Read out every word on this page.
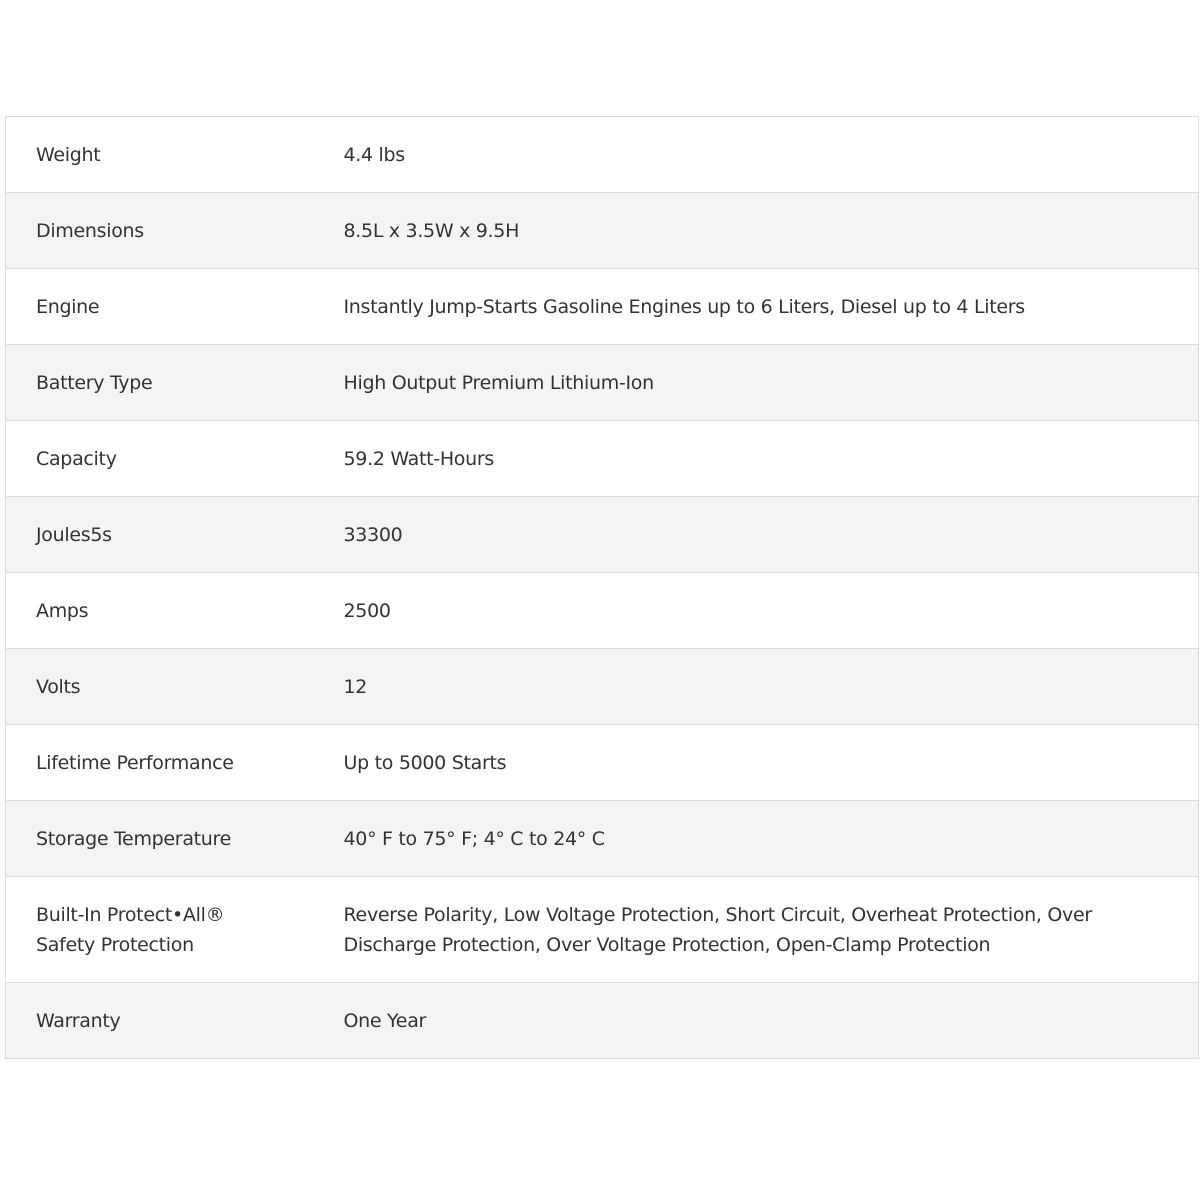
Weight	4.4 lbs
Dimensions	8.5L x 3.5W x 9.5H
Engine	Instantly Jump-Starts Gasoline Engines up to 6 Liters, Diesel up to 4 Liters
Battery Type	High Output Premium Lithium-Ion
Capacity	59.2 Watt-Hours
Joules5s	33300
Amps	2500
Volts	12
Lifetime Performance	Up to 5000 Starts
Storage Temperature	40° F to 75° F; 4° C to 24° C
Built-In Protect•All®
Safety Protection	Reverse Polarity, Low Voltage Protection, Short Circuit, Overheat Protection, Over Discharge Protection, Over Voltage Protection, Open-Clamp Protection
Warranty	One Year
